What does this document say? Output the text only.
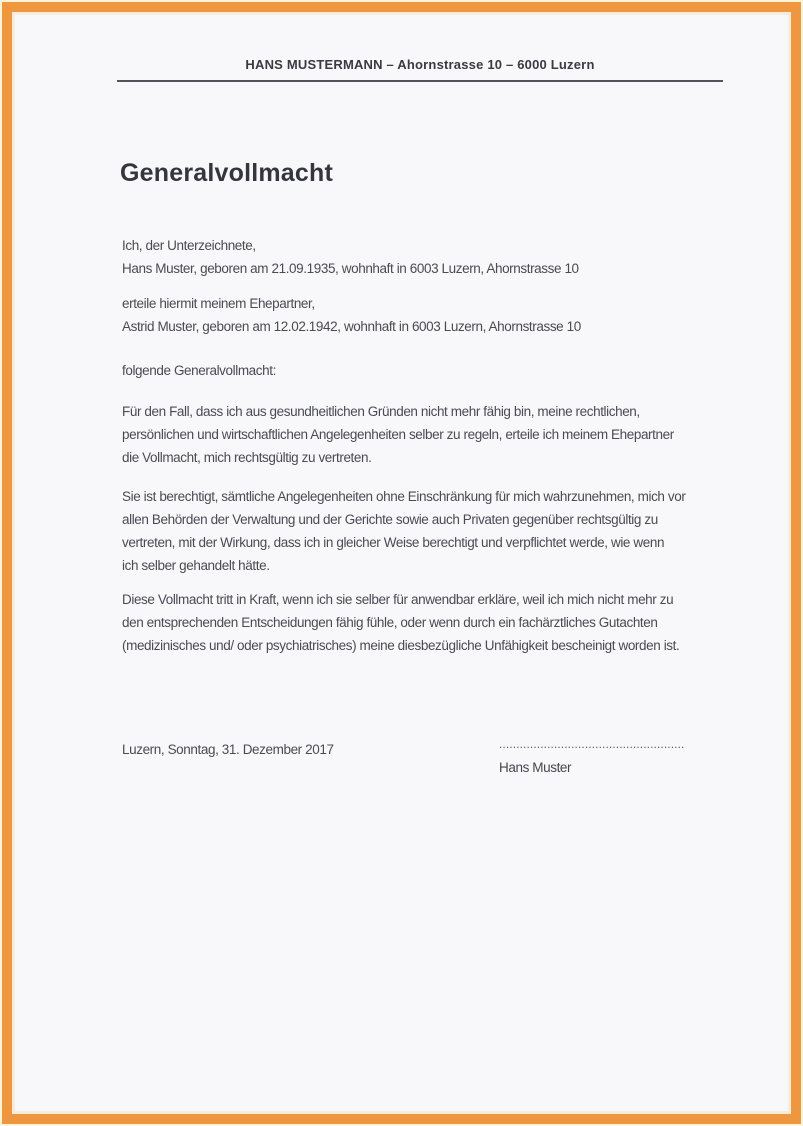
HANS MUSTERMANN – Ahornstrasse 10 – 6000 Luzern
Generalvollmacht
Ich, der Unterzeichnete,
Hans Muster, geboren am 21.09.1935, wohnhaft in 6003 Luzern, Ahornstrasse 10
erteile hiermit meinem Ehepartner,
Astrid Muster, geboren am 12.02.1942, wohnhaft in 6003 Luzern, Ahornstrasse 10
folgende Generalvollmacht:
Für den Fall, dass ich aus gesundheitlichen Gründen nicht mehr fähig bin, meine rechtlichen,
persönlichen und wirtschaftlichen Angelegenheiten selber zu regeln, erteile ich meinem Ehepartner
die Vollmacht, mich rechtsgültig zu vertreten.
Sie ist berechtigt, sämtliche Angelegenheiten ohne Einschränkung für mich wahrzunehmen, mich vor
allen Behörden der Verwaltung und der Gerichte sowie auch Privaten gegenüber rechtsgültig zu
vertreten, mit der Wirkung, dass ich in gleicher Weise berechtigt und verpflichtet werde, wie wenn
ich selber gehandelt hätte.
Diese Vollmacht tritt in Kraft, wenn ich sie selber für anwendbar erkläre, weil ich mich nicht mehr zu
den entsprechenden Entscheidungen fähig fühle, oder wenn durch ein fachärztliches Gutachten
(medizinisches und/ oder psychiatrisches) meine diesbezügliche Unfähigkeit bescheinigt worden ist.
Luzern, Sonntag, 31. Dezember 2017	......................................................
Hans Muster
